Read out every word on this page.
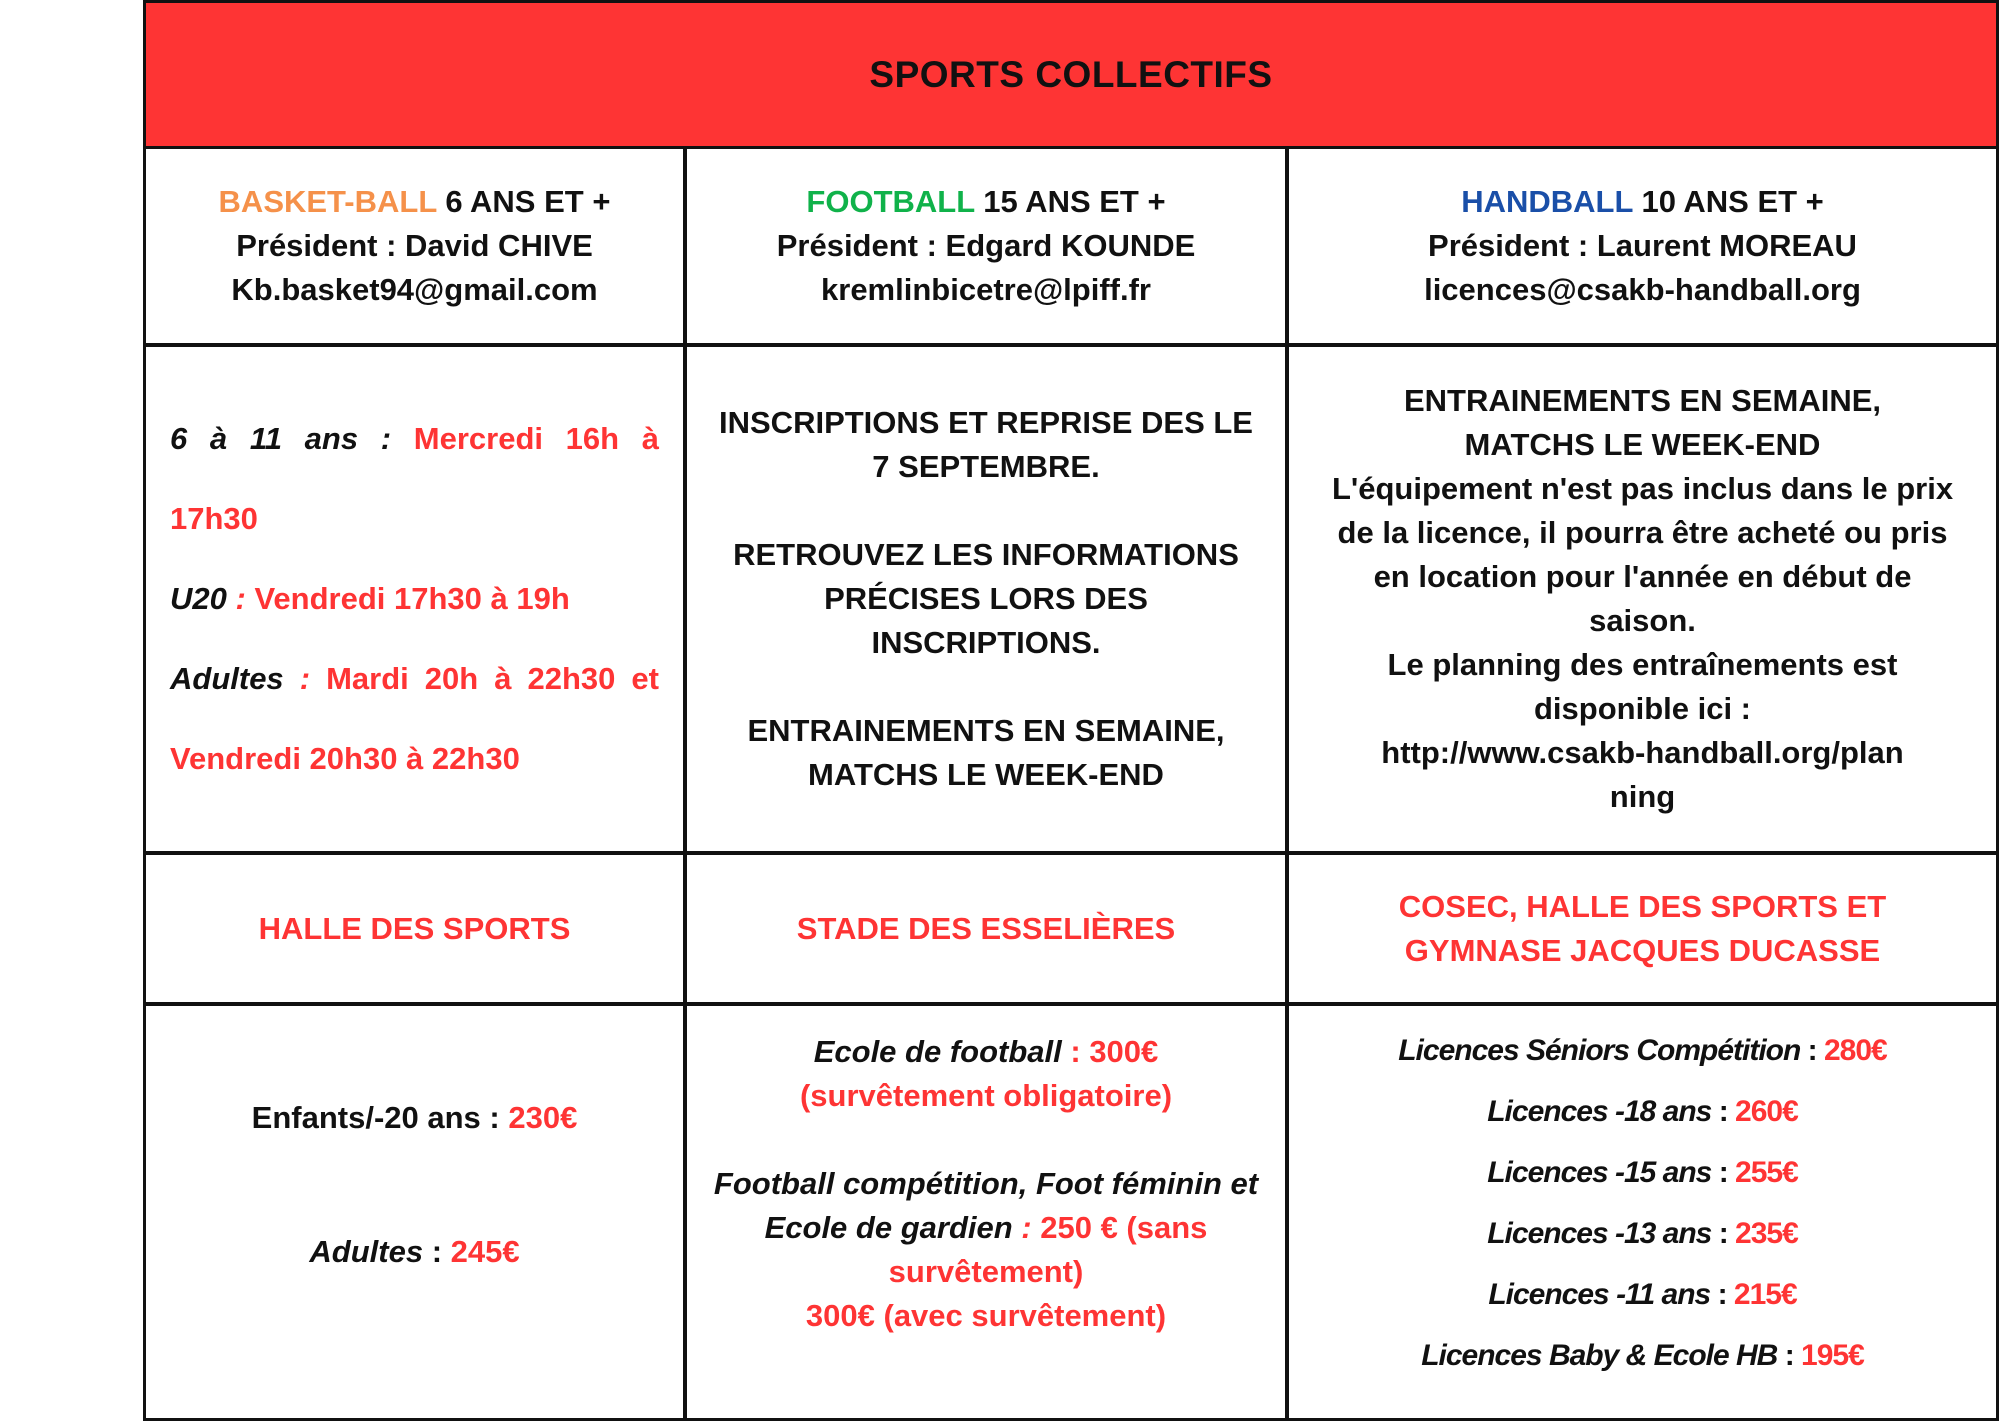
SPORTS COLLECTIFS
BASKET-BALL 6 ANS ET +
Président : David CHIVE
Kb.basket94@gmail.com
FOOTBALL 15 ANS ET +
Président : Edgard KOUNDE
kremlinbicetre@lpiff.fr
HANDBALL 10 ANS ET +
Président : Laurent MOREAU
licences@csakb-handball.org

6 à 11 ans : Mercredi 16h à

17h30

U20 : Vendredi 17h30 à 19h

Adultes : Mardi 20h à 22h30 et

Vendredi 20h30 à 22h30

INSCRIPTIONS ET REPRISE DES LE 7 SEPTEMBRE.
RETROUVEZ LES INFORMATIONS PRÉCISES LORS DES INSCRIPTIONS.
ENTRAINEMENTS EN SEMAINE, MATCHS LE WEEK-END
ENTRAINEMENTS EN SEMAINE, MATCHS LE WEEK-END
L'équipement n'est pas inclus dans le prix de la licence, il pourra être acheté ou pris en location pour l'année en début de saison.
Le planning des entraînements est disponible ici :
http://www.csakb-handball.org/planning
HALLE DES SPORTS	STADE DES ESSELIÈRES
COSEC, HALLE DES SPORTS ET GYMNASE JACQUES DUCASSE
Enfants/-20 ans : 230€
Adultes : 245€
Ecole de football : 300€
(survêtement obligatoire)
Football compétition, Foot féminin et Ecole de gardien : 250 € (sans survêtement)
300€ (avec survêtement)

Licences Séniors Compétition : 280€

Licences -18 ans : 260€

Licences -15 ans : 255€

Licences -13 ans : 235€

Licences -11 ans : 215€

Licences Baby & Ecole HB : 195€
